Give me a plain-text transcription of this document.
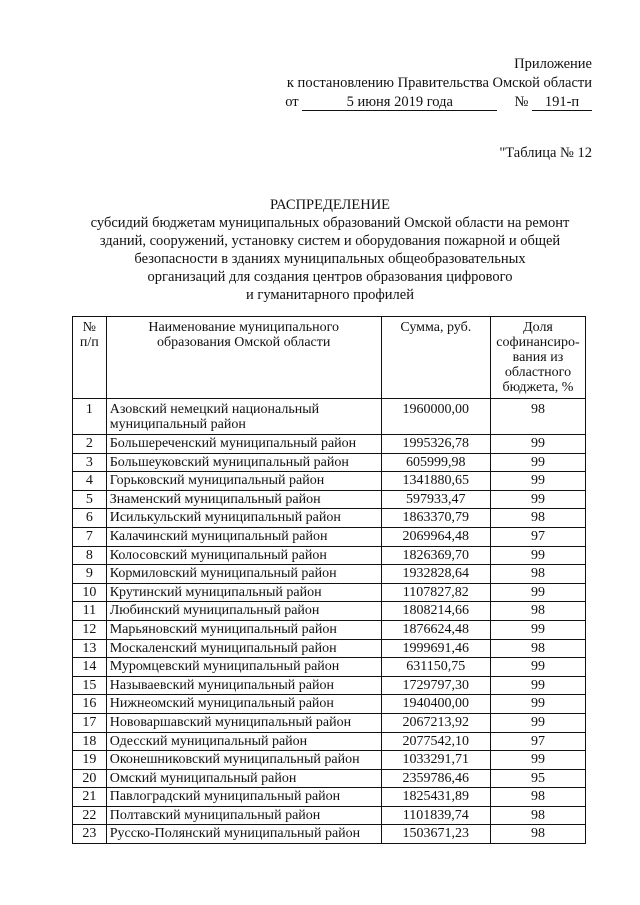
Приложение
к постановлению Правительства Омской области
от	5 июня 2019 года	№ 191-п
"Таблица № 12
РАСПРЕДЕЛЕНИЕ
субсидий бюджетам муниципальных образований Омской области на ремонт
зданий, сооружений, установку систем и оборудования пожарной и общей
безопасности в зданиях муниципальных общеобразовательных
организаций для создания центров образования цифрового
и гуманитарного профилей
№ п/п	Наименование муниципального образования Омской области	Сумма, руб.	Доля софинансиро-вания из областного бюджета, %
1	Азовский немецкий национальный муниципальный район	1960000,00	98
2	Большереченский муниципальный район	1995326,78	99
3	Большеуковский муниципальный район	605999,98	99
4	Горьковский муниципальный район	1341880,65	99
5	Знаменский муниципальный район	597933,47	99
6	Исилькульский муниципальный район	1863370,79	98
7	Калачинский муниципальный район	2069964,48	97
8	Колосовский муниципальный район	1826369,70	99
9	Кормиловский муниципальный район	1932828,64	98
10	Крутинский муниципальный район	1107827,82	99
11	Любинский муниципальный район	1808214,66	98
12	Марьяновский муниципальный район	1876624,48	99
13	Москаленский муниципальный район	1999691,46	98
14	Муромцевский муниципальный район	631150,75	99
15	Называевский муниципальный район	1729797,30	99
16	Нижнеомский муниципальный район	1940400,00	99
17	Нововаршавский муниципальный район	2067213,92	99
18	Одесский муниципальный район	2077542,10	97
19	Оконешниковский муниципальный район	1033291,71	99
20	Омский муниципальный район	2359786,46	95
21	Павлоградский муниципальный район	1825431,89	98
22	Полтавский муниципальный район	1101839,74	98
23	Русско-Полянский муниципальный район	1503671,23	98
